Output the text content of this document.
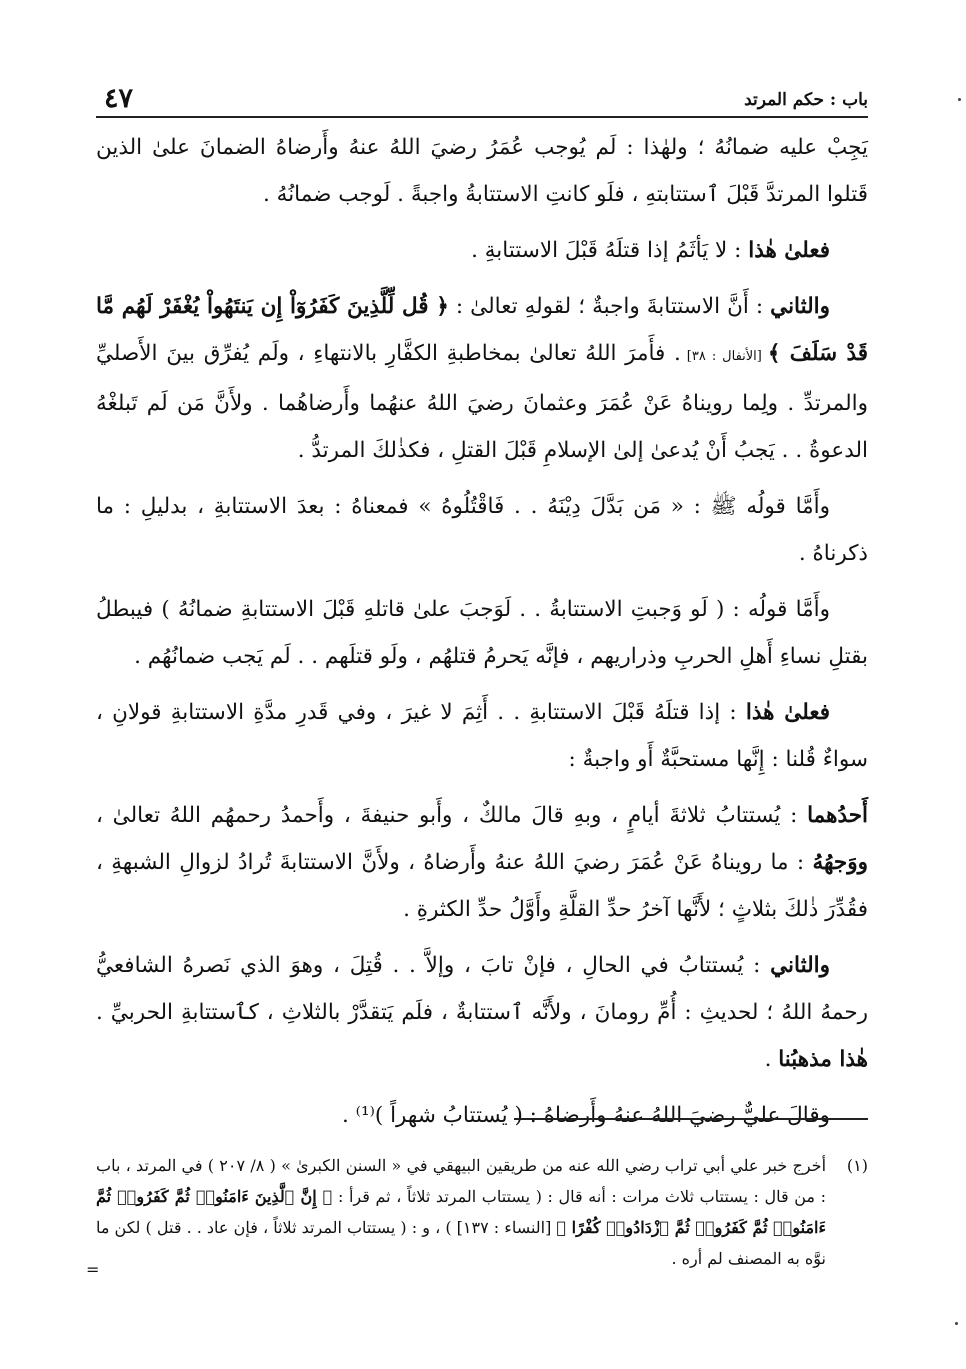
باب : حكم المرتد
٤٧

يَجِبْ عليه ضمانُهُ ؛ ولهٰذا : لَم يُوجب عُمَرُ رضيَ اللهُ عنهُ وأَرضاهُ الضمانَ علىٰ الذين قَتلوا المرتدَّ قَبْلَ ٱستتابتهِ ، فلَو كانتِ الاستتابةُ واجبةً . لَوجب ضمانُهُ .

فعلىٰ هٰذا : لا يَأثَمُ إذا قتلَهُ قَبْلَ الاستتابةِ .

والثاني : أَنَّ الاستتابةَ واجبةٌ ؛ لقولهِ تعالىٰ : ﴿ قُل لِّلَّذِينَ كَفَرُوٓاْ إِن يَنتَهُواْ يُغْفَرْ لَهُم مَّا قَدْ سَلَفَ ﴾ [الأنفال : ٣٨] . فأَمرَ اللهُ تعالىٰ بمخاطبةِ الكفَّارِ بالانتهاءِ ، ولَم يُفرِّق بينَ الأَصليِّ والمرتدِّ . ولِما رويناهُ عَنْ عُمَرَ وعثمانَ رضيَ اللهُ عنهُما وأَرضاهُما . ولأَنَّ مَن لَم تَبلغْهُ الدعوةُ . . يَجبُ أَنْ يُدعىٰ إلىٰ الإسلامِ قَبْلَ القتلِ ، فكذٰلكَ المرتدُّ .

وأَمَّا قولُه ﷺ : « مَن بَدَّلَ دِيْنَهُ . . فَاقْتُلُوهُ » فمعناهُ : بعدَ الاستتابةِ ، بدليلِ : ما ذكرناهُ .

وأَمَّا قولُه : ( لَو وَجبتِ الاستتابةُ . . لَوَجبَ علىٰ قاتلهِ قَبْلَ الاستتابةِ ضمانُهُ ) فيبطلُ بقتلِ نساءِ أَهلِ الحربِ وذراريهم ، فإنَّه يَحرمُ قتلهُم ، ولَو قتلَهم . . لَم يَجب ضمانُهُم .

فعلىٰ هٰذا : إذا قتلَهُ قَبْلَ الاستتابةِ . . أَثِمَ لا غيرَ ، وفي قَدرِ مدَّةِ الاستتابةِ قولانِ ، سواءٌ قُلنا : إِنَّها مستحبَّةٌ أَو واجبةٌ :

أَحدُهما : يُستتابُ ثلاثةَ أيامٍ ، وبهِ قالَ مالكٌ ، وأَبو حنيفةَ ، وأَحمدُ رحمهُم اللهُ تعالىٰ ، ووَجهُهُ : ما رويناهُ عَنْ عُمَرَ رضيَ اللهُ عنهُ وأَرضاهُ ، ولأَنَّ الاستتابةَ تُرادُ لزوالِ الشبهةِ ، فقُدِّرَ ذٰلكَ بثلاثٍ ؛ لأَنَّها آخرُ حدِّ القلَّةِ وأَوَّلُ حدِّ الكثرةِ .

والثاني : يُستتابُ في الحالِ ، فإنْ تابَ ، وإلاَّ . . قُتِلَ ، وهوَ الذي نَصرهُ الشافعيُّ رحمهُ اللهُ ؛ لحديثِ : أُمِّ رومانَ ، ولأَنَّه ٱستتابةٌ ، فلَم يَتقدَّرْ بالثلاثِ ، كٱستتابةِ الحربيِّ . هٰذا مذهبُنا .

وقالَ عليٌّ رضيَ اللهُ عنهُ وأَرضاهُ : ( يُستتابُ شهراً )⁽¹⁾ .

(١)
أخرج خبر علي أبي تراب رضي الله عنه من طريقين البيهقي في « السنن الكبرىٰ » ( ٨/ ٢٠٧ ) في المرتد ، باب : من قال : يستتاب ثلاث مرات : أنه قال : ( يستتاب المرتد ثلاثاً ، ثم قرأ : ﴿ إِنَّ ٱلَّذِينَ ءَامَنُوا۟ ثُمَّ كَفَرُوا۟ ثُمَّ ءَامَنُوا۟ ثُمَّ كَفَرُوا۟ ثُمَّ ٱزْدَادُوا۟ كُفْرًا ﴾ [النساء : ١٣٧] ) ، و : ( يستتاب المرتد ثلاثاً ، فإن عاد . . قتل ) لكن ما نوَّه به المصنف لم أره .
=
